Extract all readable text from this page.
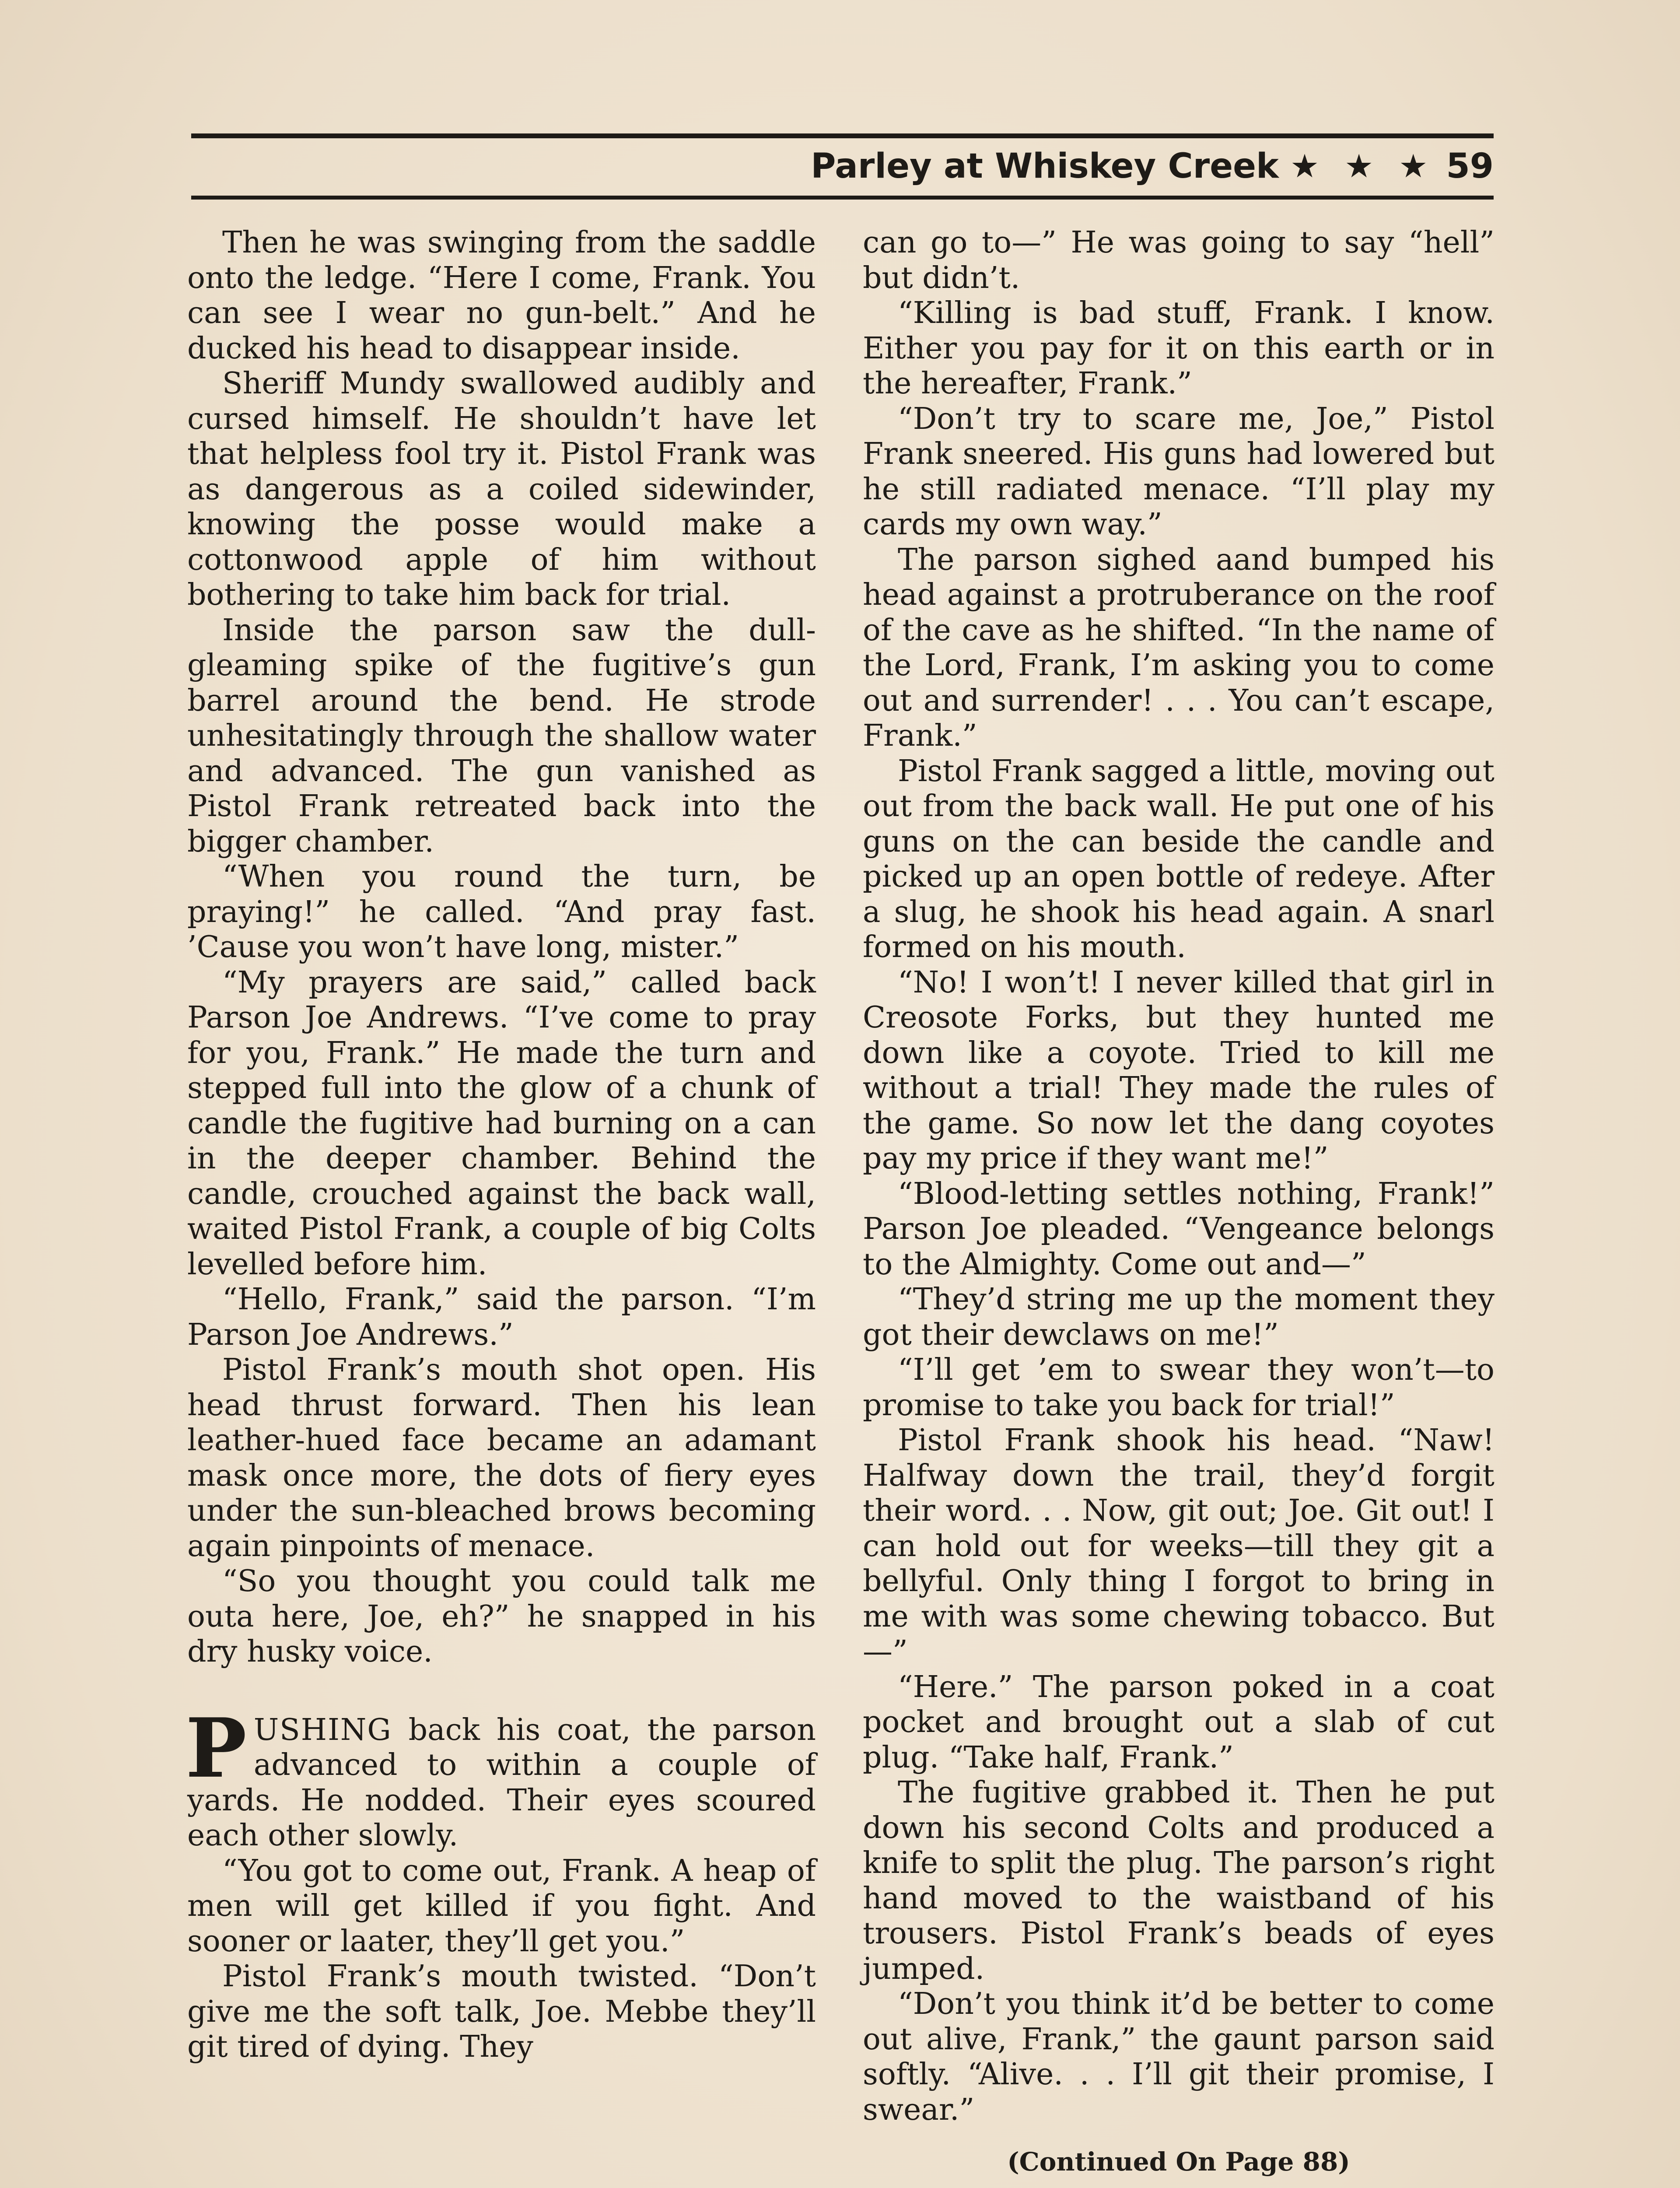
Parley at Whiskey Creek ★ ★ ★ 59

Then he was swinging from the saddle onto the ledge. “Here I come, Frank. You can see I wear no gun-belt.” And he ducked his head to disappear inside.

Sheriff Mundy swallowed audibly and cursed himself. He shouldn’t have let that helpless fool try it. Pistol Frank was as dangerous as a coiled sidewinder, knowing the posse would make a cottonwood apple of him without bothering to take him back for trial.

Inside the parson saw the dull-gleaming spike of the fugitive’s gun barrel around the bend. He strode unhesitatingly through the shallow water and advanced. The gun vanished as Pistol Frank retreated back into the bigger chamber.

“When you round the turn, be praying!” he called. “And pray fast. ’Cause you won’t have long, mister.”

“My prayers are said,” called back Parson Joe Andrews. “I’ve come to pray for you, Frank.” He made the turn and stepped full into the glow of a chunk of candle the fugitive had burning on a can in the deeper chamber. Behind the candle, crouched against the back wall, waited Pistol Frank, a couple of big Colts levelled before him.

“Hello, Frank,” said the parson. “I’m Parson Joe Andrews.”

Pistol Frank’s mouth shot open. His head thrust forward. Then his lean leather-hued face became an adamant mask once more, the dots of fiery eyes under the sun-bleached brows becoming again pinpoints of menace.

“So you thought you could talk me outa here, Joe, eh?” he snapped in his dry husky voice.

PUSHING back his coat, the parson advanced to within a couple of yards. He nodded. Their eyes scoured each other slowly.

“You got to come out, Frank. A heap of men will get killed if you fight. And sooner or laater, they’ll get you.”

Pistol Frank’s mouth twisted. “Don’t give me the soft talk, Joe. Mebbe they’ll git tired of dying. They

can go to—” He was going to say “hell” but didn’t.

“Killing is bad stuff, Frank. I know. Either you pay for it on this earth or in the hereafter, Frank.”

“Don’t try to scare me, Joe,” Pistol Frank sneered. His guns had lowered but he still radiated menace. “I’ll play my cards my own way.”

The parson sighed aand bumped his head against a protruberance on the roof of the cave as he shifted. “In the name of the Lord, Frank, I’m asking you to come out and surrender! . . . You can’t escape, Frank.”

Pistol Frank sagged a little, moving out out from the back wall. He put one of his guns on the can beside the candle and picked up an open bottle of redeye. After a slug, he shook his head again. A snarl formed on his mouth.

“No! I won’t! I never killed that girl in Creosote Forks, but they hunted me down like a coyote. Tried to kill me without a trial! They made the rules of the game. So now let the dang coyotes pay my price if they want me!”

“Blood-letting settles nothing, Frank!” Parson Joe pleaded. “Vengeance belongs to the Almighty. Come out and—”

“They’d string me up the moment they got their dewclaws on me!”

“I’ll get ’em to swear they won’t—to promise to take you back for trial!”

Pistol Frank shook his head. “Naw! Halfway down the trail, they’d forgit their word. . . Now, git out; Joe. Git out! I can hold out for weeks—till they git a bellyful. Only thing I forgot to bring in me with was some chewing tobacco. But—”

“Here.” The parson poked in a coat pocket and brought out a slab of cut plug. “Take half, Frank.”

The fugitive grabbed it. Then he put down his second Colts and produced a knife to split the plug. The parson’s right hand moved to the waistband of his trousers. Pistol Frank’s beads of eyes jumped.

“Don’t you think it’d be better to come out alive, Frank,” the gaunt parson said softly. “Alive. . . I’ll git their promise, I swear.”

(Continued On Page 88)
